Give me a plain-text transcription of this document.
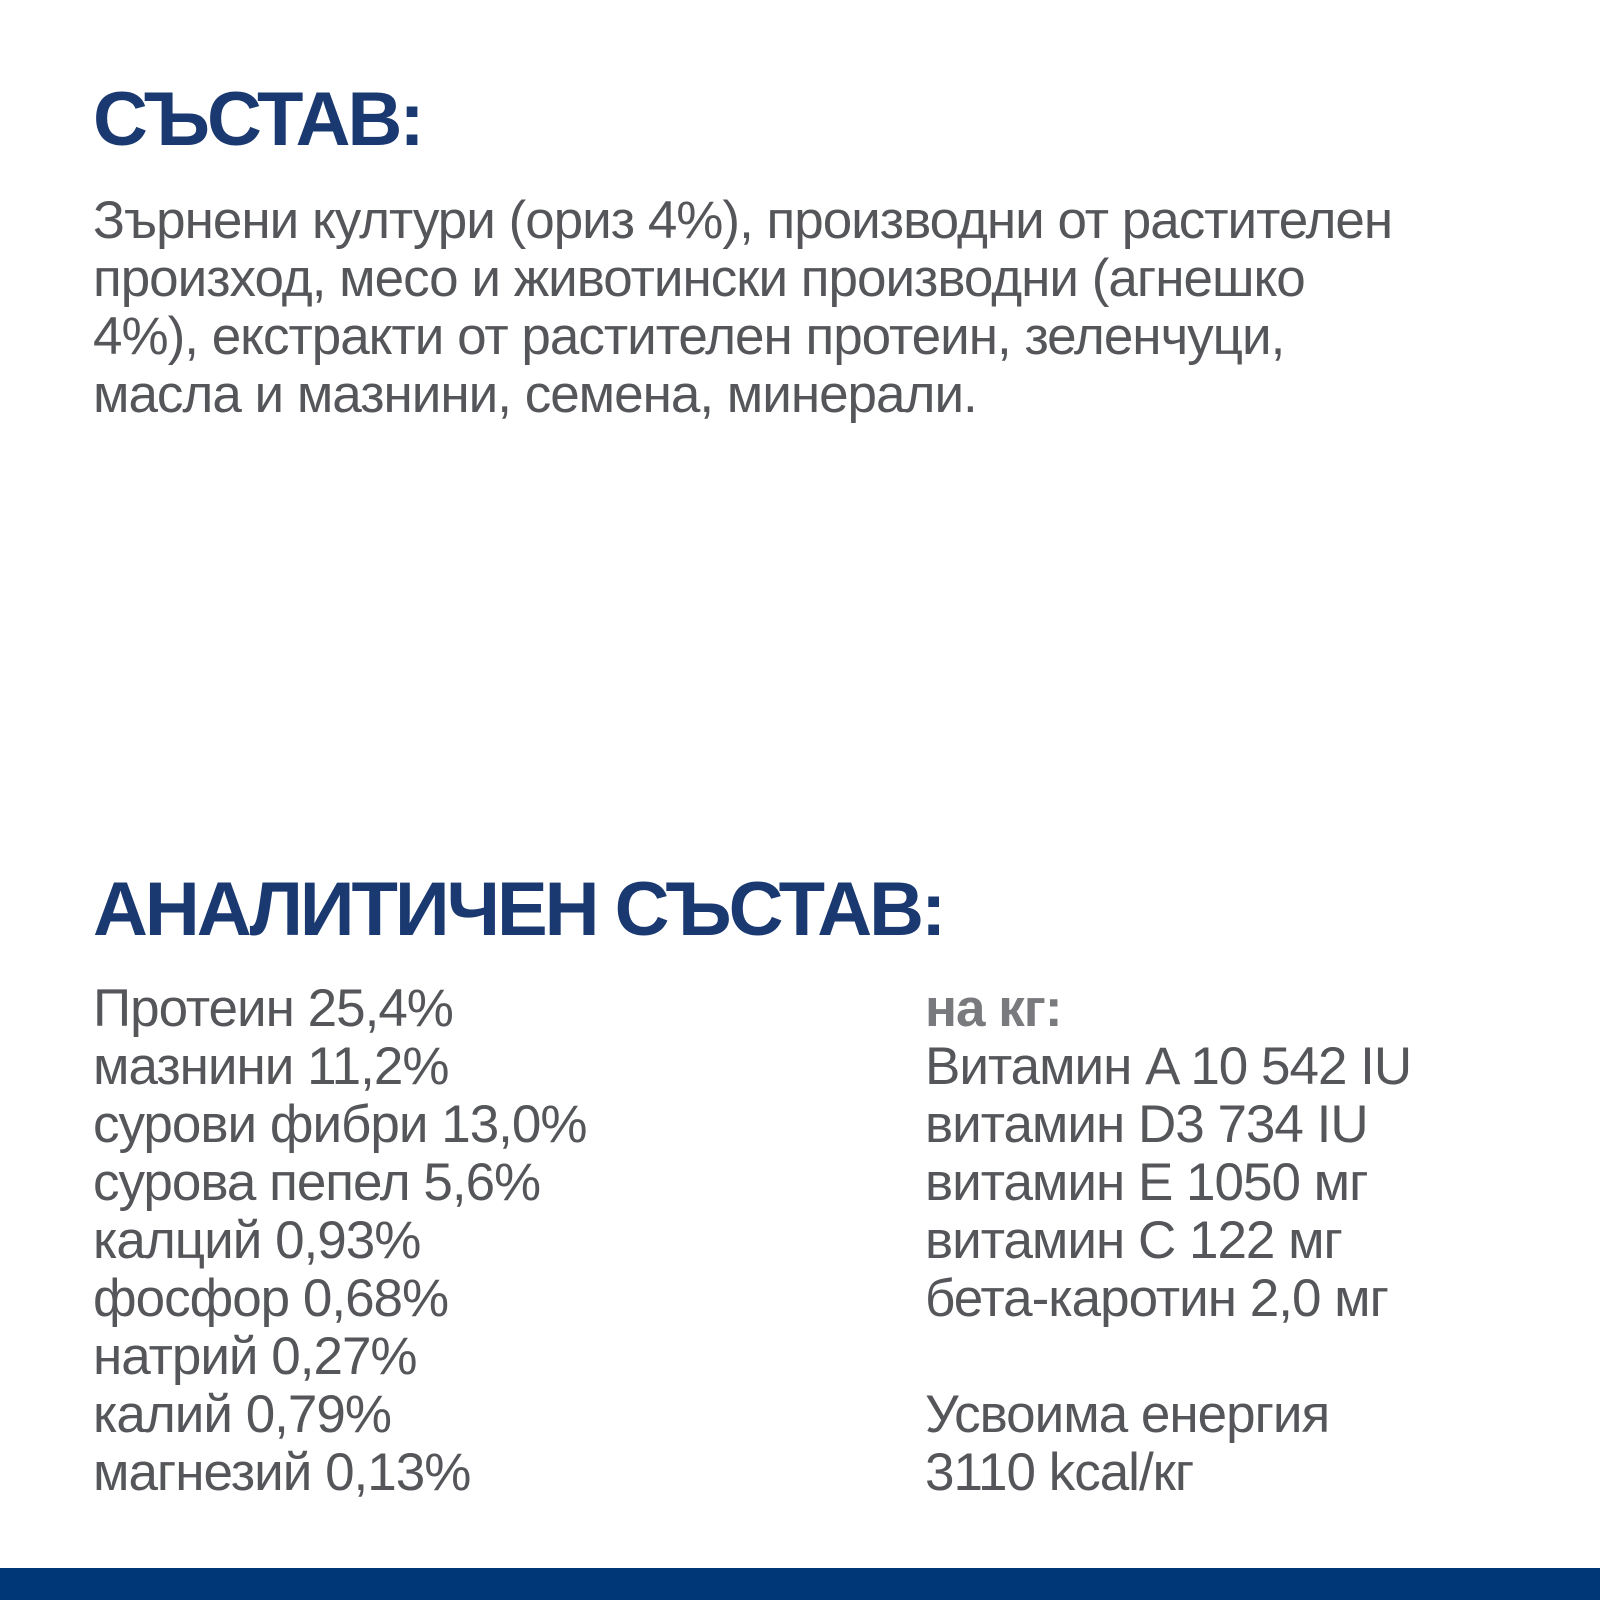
СЪСТАВ:
Зърнени култури (ориз 4%), производни от растителен
произход, месо и животински производни (агнешко
4%), екстракти от растителен протеин, зеленчуци,
масла и мазнини, семена, минерали.
АНАЛИТИЧЕН СЪСТАВ:
Протеин 25,4%
мазнини 11,2%
сурови фибри 13,0%
сурова пепел 5,6%
калций 0,93%
фосфор 0,68%
натрий 0,27%
калий 0,79%
магнезий 0,13%
на кг:
Витамин A 10 542 IU
витамин D3 734 IU
витамин E 1050 мг
витамин C 122 мг
бета-каротин 2,0 мг
Усвоима енергия
3110 kcal/кг
